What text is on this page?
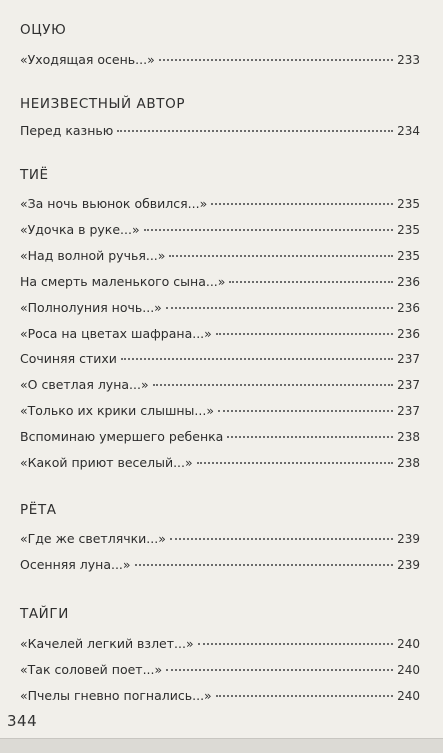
ОЦУЮ
«Уходящая осень...»	233
НЕИЗВЕСТНЫЙ АВТОР
Перед казнью	234
ТИЁ
«За ночь вьюнок обвился...»	235
«Удочка в руке...»	235
«Над волной ручья...»	235
На смерть маленького сына...»	236
«Полнолуния ночь...»	236
«Роса на цветах шафрана...»	236
Сочиняя стихи	237
«О светлая луна...»	237
«Только их крики слышны...»	237
Вспоминаю умершего ребенка	238
«Какой приют веселый...»	238
РЁТА
«Где же светлячки...»	239
Осенняя луна...»	239
ТАЙГИ
«Качелей легкий взлет...»	240
«Так соловей поет...»	240
«Пчелы гневно погнались...»	240
344
